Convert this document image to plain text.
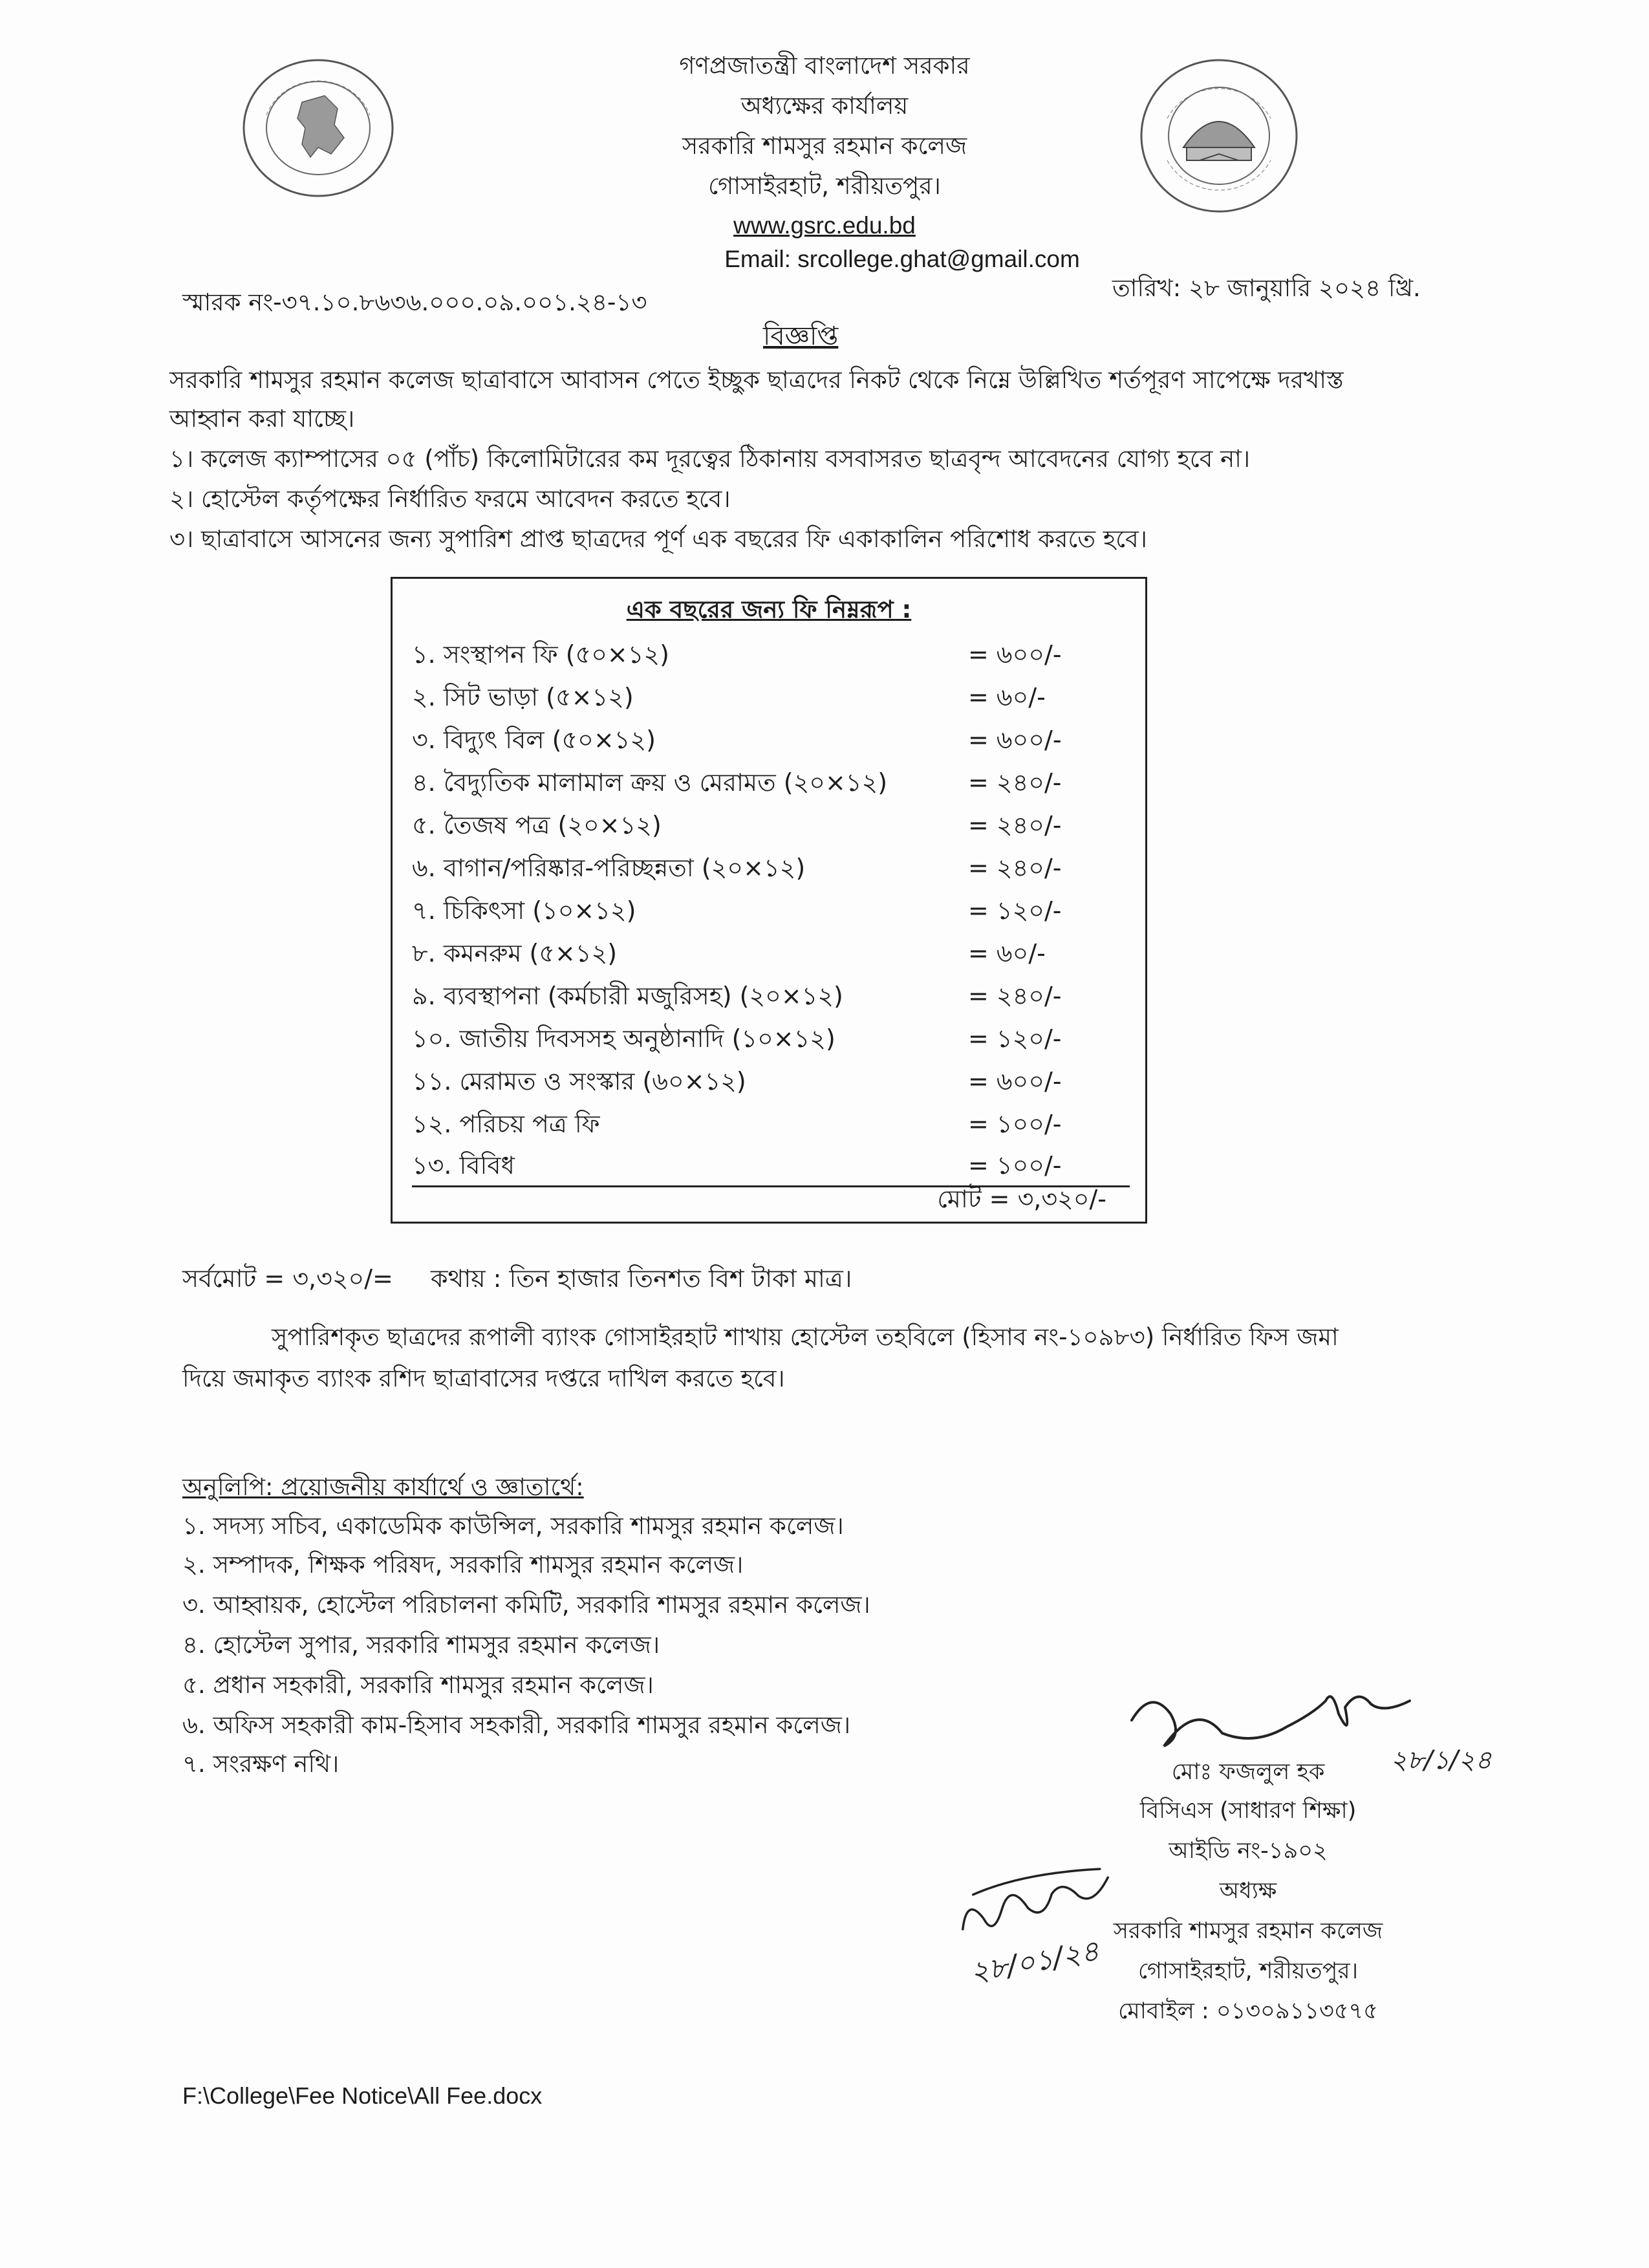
গণপ্রজাতন্ত্রী বাংলাদেশ সরকার
অধ্যক্ষের কার্যালয়
সরকারি শামসুর রহমান কলেজ
গোসাইরহাট, শরীয়তপুর।
www.gsrc.edu.bd
Email: srcollege.ghat@gmail.com
স্মারক নং-৩৭.১০.৮৬৩৬.০০০.০৯.০০১.২৪-১৩
তারিখ: ২৮ জানুয়ারি ২০২৪ খ্রি.
বিজ্ঞপ্তি
সরকারি শামসুর রহমান কলেজ ছাত্রাবাসে আবাসন পেতে ইচ্ছুক ছাত্রদের নিকট থেকে নিম্নে উল্লিখিত শর্তপূরণ সাপেক্ষে দরখাস্ত
আহ্বান করা যাচ্ছে।
১। কলেজ ক্যাম্পাসের ০৫ (পাঁচ) কিলোমিটারের কম দূরত্বের ঠিকানায় বসবাসরত ছাত্রবৃন্দ আবেদনের যোগ্য হবে না।
২। হোস্টেল কর্তৃপক্ষের নির্ধারিত ফরমে আবেদন করতে হবে।
৩। ছাত্রাবাসে আসনের জন্য সুপারিশ প্রাপ্ত ছাত্রদের পূর্ণ এক বছরের ফি একাকালিন পরিশোধ করতে হবে।
এক বছরের জন্য ফি নিম্নরূপ :
১. সংস্থাপন ফি (৫০×১২)	= ৬০০/-
২. সিট ভাড়া (৫×১২)	= ৬০/-
৩. বিদ্যুৎ বিল (৫০×১২)	= ৬০০/-
৪. বৈদ্যুতিক মালামাল ক্রয় ও মেরামত (২০×১২)	= ২৪০/-
৫. তৈজষ পত্র (২০×১২)	= ২৪০/-
৬. বাগান/পরিষ্কার-পরিচ্ছন্নতা (২০×১২)	= ২৪০/-
৭. চিকিৎসা (১০×১২)	= ১২০/-
৮. কমনরুম (৫×১২)	= ৬০/-
৯. ব্যবস্থাপনা (কর্মচারী মজুরিসহ) (২০×১২)	= ২৪০/-
১০. জাতীয় দিবসসহ অনুষ্ঠানাদি (১০×১২)	= ১২০/-
১১. মেরামত ও সংস্কার (৬০×১২)	= ৬০০/-
১২. পরিচয় পত্র ফি	= ১০০/-
১৩. বিবিধ	= ১০০/-
মোট = ৩,৩২০/-
সর্বমোট = ৩,৩২০/= কথায় : তিন হাজার তিনশত বিশ টাকা মাত্র।
সুপারিশকৃত ছাত্রদের রূপালী ব্যাংক গোসাইরহাট শাখায় হোস্টেল তহবিলে (হিসাব নং-১০৯৮৩) নির্ধারিত ফিস জমা
দিয়ে জমাকৃত ব্যাংক রশিদ ছাত্রাবাসের দপ্তরে দাখিল করতে হবে।
অনুলিপি: প্রয়োজনীয় কার্যার্থে ও জ্ঞাতার্থে:
১. সদস্য সচিব, একাডেমিক কাউন্সিল, সরকারি শামসুর রহমান কলেজ।
২. সম্পাদক, শিক্ষক পরিষদ, সরকারি শামসুর রহমান কলেজ।
৩. আহ্বায়ক, হোস্টেল পরিচালনা কমিটি, সরকারি শামসুর রহমান কলেজ।
৪. হোস্টেল সুপার, সরকারি শামসুর রহমান কলেজ।
৫. প্রধান সহকারী, সরকারি শামসুর রহমান কলেজ।
৬. অফিস সহকারী কাম-হিসাব সহকারী, সরকারি শামসুর রহমান কলেজ।
৭. সংরক্ষণ নথি।	২৮/১/২৪
মোঃ ফজলুল হক
বিসিএস (সাধারণ শিক্ষা)
আইডি নং-১৯০২
অধ্যক্ষ
সরকারি শামসুর রহমান কলেজ
গোসাইরহাট, শরীয়তপুর।
মোবাইল : ০১৩০৯১১৩৫৭৫
২৮/০১/২৪
F:\College\Fee Notice\All Fee.docx
